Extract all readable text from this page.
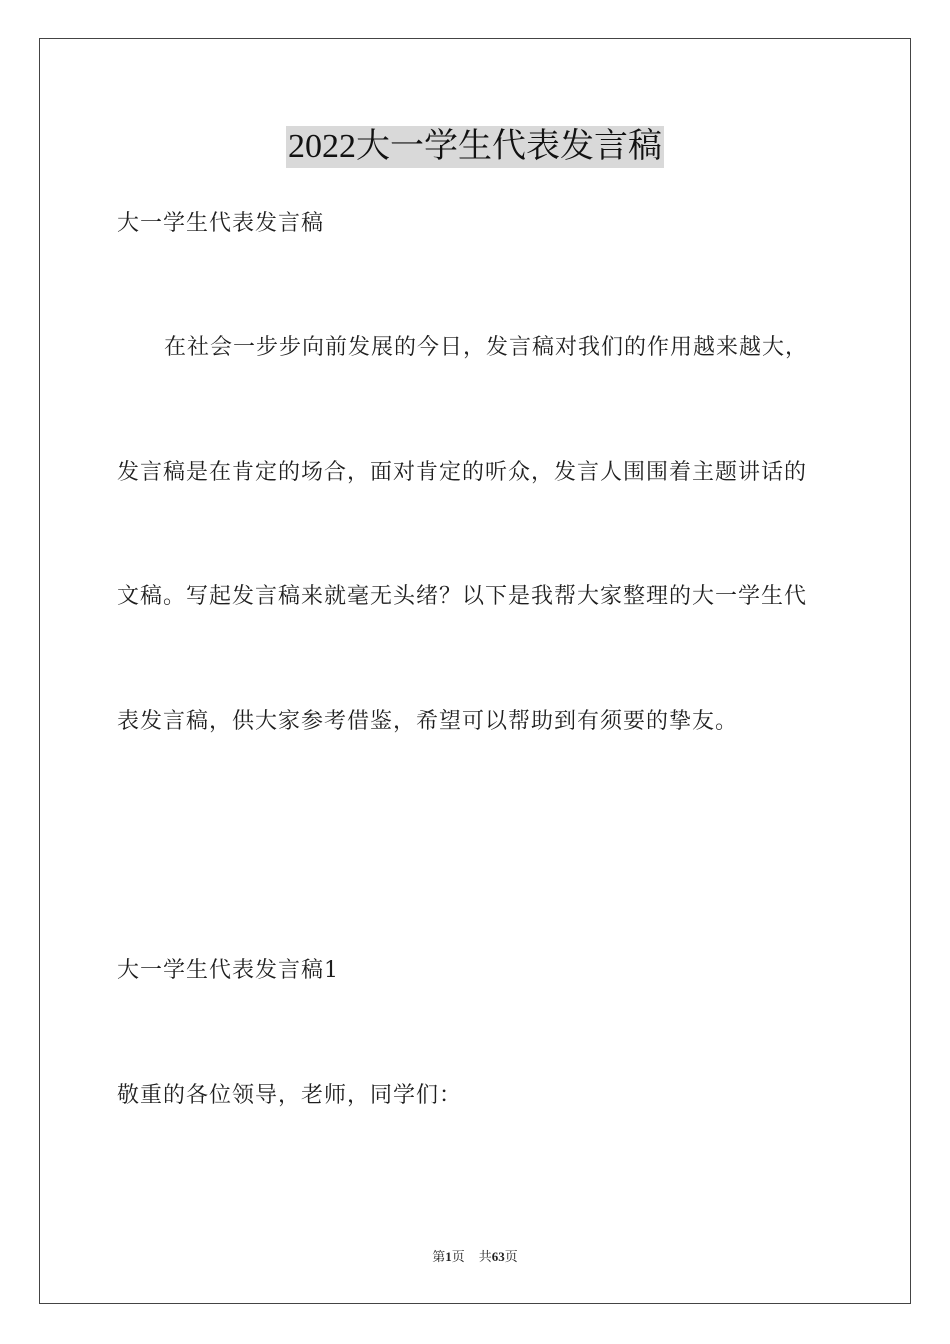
2022大一学生代表发言稿
大一学生代表发言稿
在社会一步步向前发展的今日，发言稿对我们的作用越来越大，
发言稿是在肯定的场合，面对肯定的听众，发言人围围着主题讲话的
文稿。写起发言稿来就毫无头绪？以下是我帮大家整理的大一学生代
表发言稿，供大家参考借鉴，希望可以帮助到有须要的挚友。
大一学生代表发言稿1
敬重的各位领导，老师，同学们：
第1页 共63页
